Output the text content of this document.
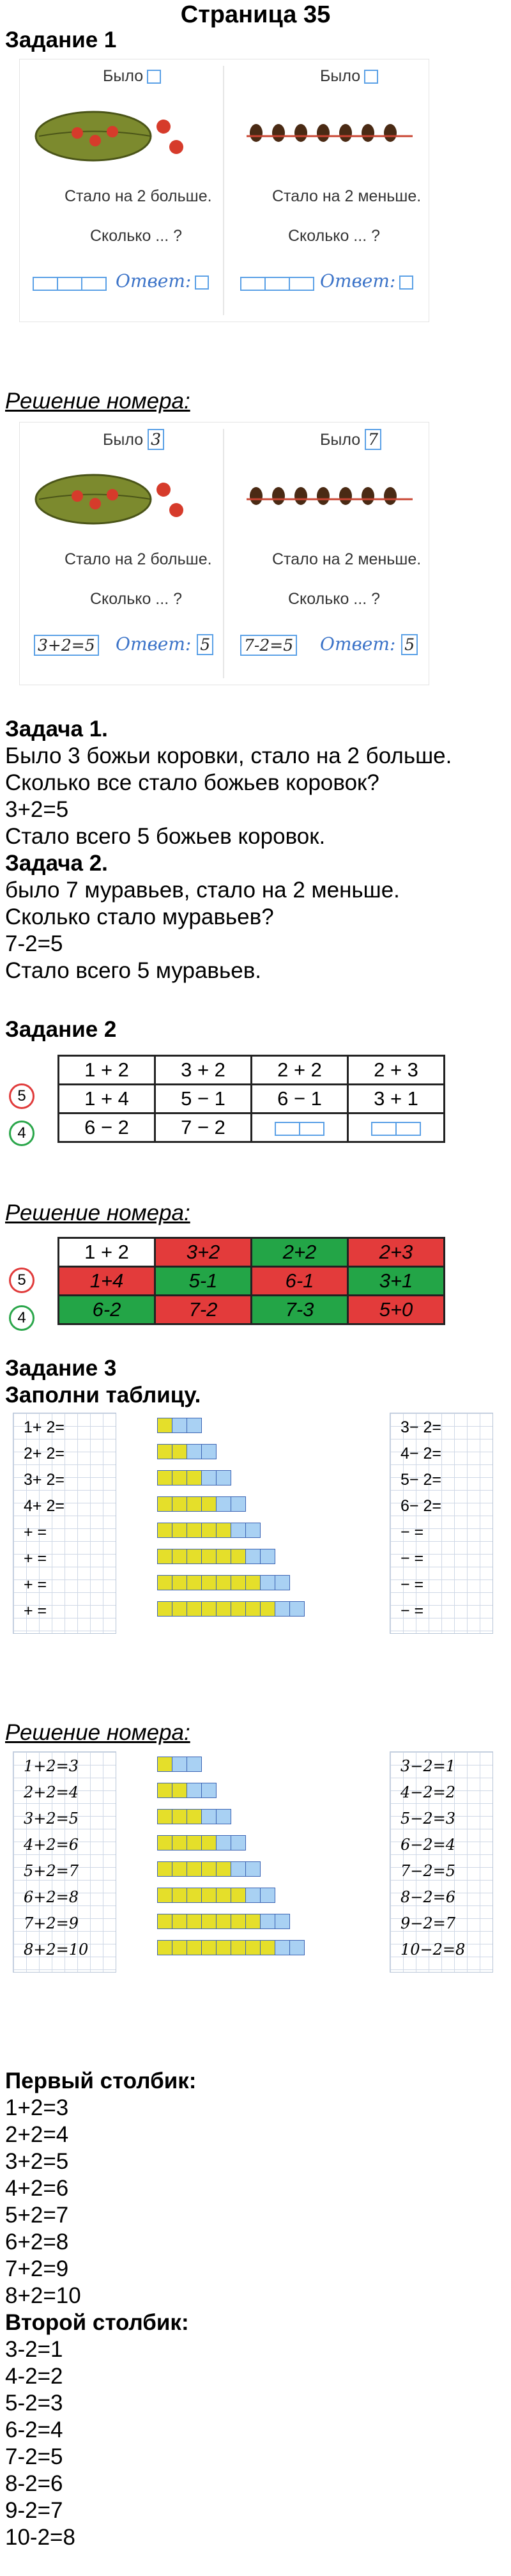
Страница 35
Задание 1
Было
Стало на 2 больше.
Сколько ... ?
Ответ:
Было
Стало на 2 меньше.
Сколько ... ?
Ответ:
Решение номера:
Было 3
Стало на 2 больше.
Сколько ... ?
3+2=5 Ответ: 5
Было 7
Стало на 2 меньше.
Сколько ... ?
7-2=5 Ответ: 5
Задача 1.
Было 3 божьи коровки, стало на 2 больше.
Сколько все стало божьев коровок?
3+2=5
Стало всего 5 божьев коровок.
Задача 2.
было 7 муравьев, стало на 2 меньше.
Сколько стало муравьев?
7-2=5
Стало всего 5 муравьев.
Задание 2
5
4
1 + 2	3 + 2	2 + 2	2 + 3
1 + 4	5 − 1	6 − 1	3 + 1
6 − 2	7 − 2		
Решение номера:
5
4
1 + 2	3+2	2+2	2+3
1+4	5-1	6-1	3+1
6-2	7-2	7-3	5+0
Задание 3
Заполни таблицу.
1+ 2=
2+ 2=
3+ 2=
4+ 2=
+ =
+ =
+ =
+ =
3− 2=
4− 2=
5− 2=
6− 2=
− =
− =
− =
− =
Решение номера:
1+2=3
2+2=4
3+2=5
4+2=6
5+2=7
6+2=8
7+2=9
8+2=10
3−2=1
4−2=2
5−2=3
6−2=4
7−2=5
8−2=6
9−2=7
10−2=8
Первый столбик:
1+2=3
2+2=4
3+2=5
4+2=6
5+2=7
6+2=8
7+2=9
8+2=10
Второй столбик:
3-2=1
4-2=2
5-2=3
6-2=4
7-2=5
8-2=6
9-2=7
10-2=8
